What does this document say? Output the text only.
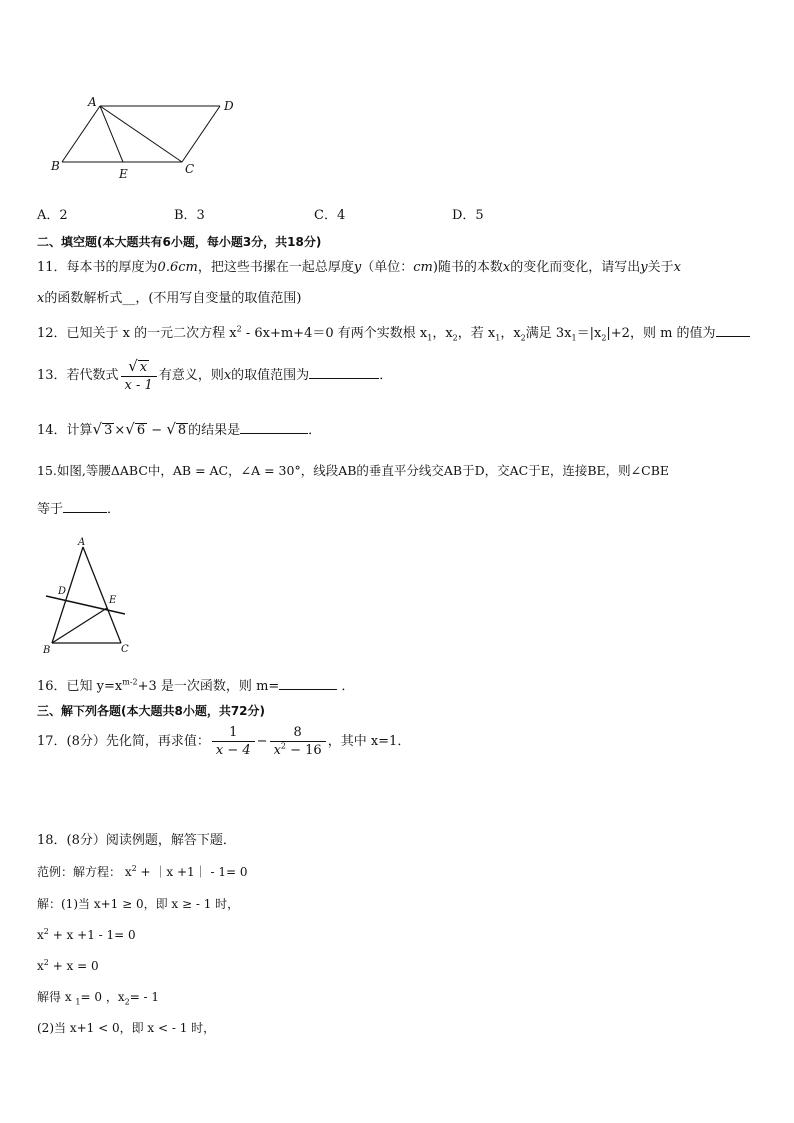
A	D
B
E	C
A．2	B．3	C．4	D．5
二、填空题(本大题共有6小题，每小题3分，共18分)
11．每本书的厚度为0.6cm，把这些书摞在一起总厚度y（单位：cm)随书的本数x的变化而变化，请写出y关于x
x的函数解析式__，(不用写自变量的取值范围)
12．已知关于 x 的一元二次方程 $x^2 - 6x+m+4=0$ 有两个实数根 $x_1$，$x_2$，若 $x_1$，$x_2$满足 $3x_1=|x_2|+2$，则 m 的值为
13．若代数式 $\frac{√ x}{x - 1}$ 有意义，则x的取值范围为	．
14．计算√ 3 ×√ 6 − √ 8 的结果是	．
15.如图,等腰ΔABC中，AB = AC，∠A = 30°，线段AB的垂直平分线交AB于D，交AC于E，连接BE，则∠CBE
等于	．
A
D
E
B	C
16．已知 $y=x^{m-2}+3$ 是一次函数，则 m=	．
三、解下列各题(本大题共8小题，共72分)
17．(8分）先化简，再求值： $\frac{1}{x - 4} - \frac{8}{x^2 - 16}$ ，其中 x=1．
18．(8分）阅读例题，解答下题．
范例：解方程： $x^2$ + ｜x +1｜ - 1= 0
解：(1)当 x+1 ≥ 0，即 x ≥ - 1 时，
$x^2 + x +1 - 1= 0$
$x^2 + x = 0$
解得 x $_1$= 0 ，$x_2= - 1$
(2)当 x+1 < 0，即 x < - 1 时，
